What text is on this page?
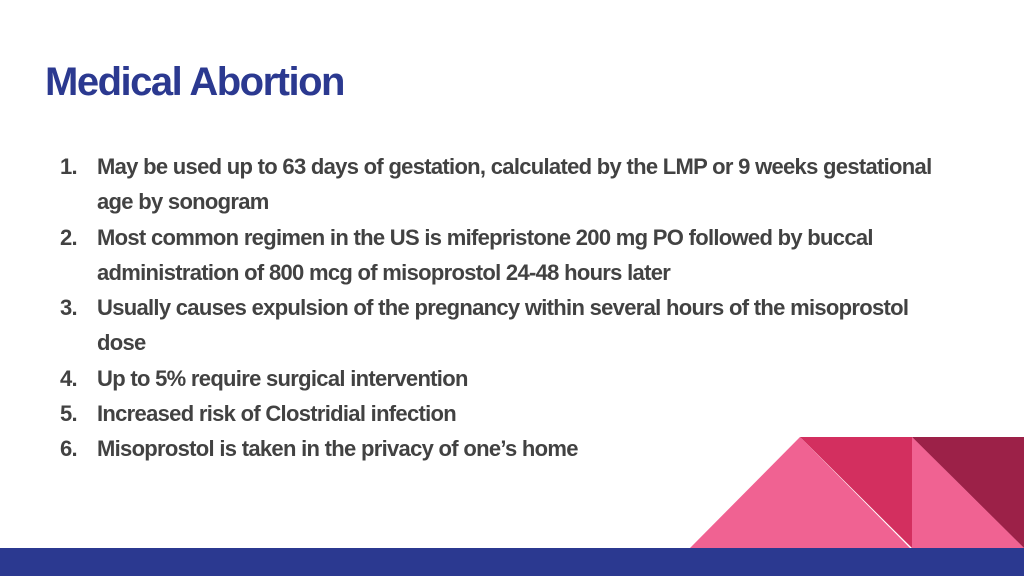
Medical Abortion
1. May be used up to 63 days of gestation, calculated by the LMP or 9 weeks gestational age by sonogram
2. Most common regimen in the US is mifepristone 200 mg PO followed by buccal administration of 800 mcg of misoprostol 24-48 hours later
3. Usually causes expulsion of the pregnancy within several hours of the misoprostol dose
4. Up to 5% require surgical intervention
5. Increased risk of Clostridial infection
6. Misoprostol is taken in the privacy of one’s home
